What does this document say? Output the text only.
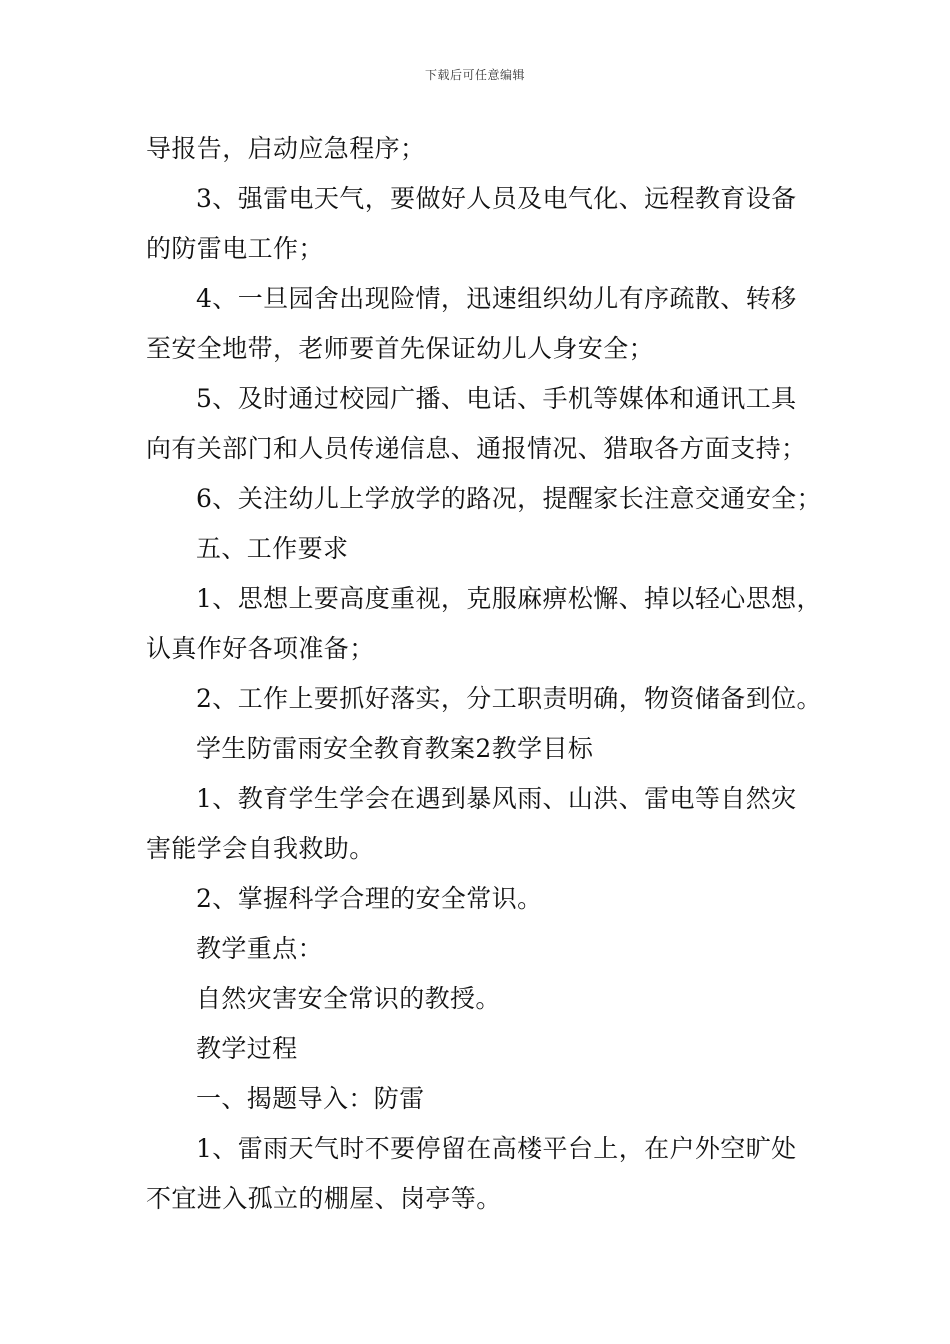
下载后可任意编辑
导报告，启动应急程序；
3、强雷电天气，要做好人员及电气化、远程教育设备
的防雷电工作；
4、一旦园舍出现险情，迅速组织幼儿有序疏散、转移
至安全地带，老师要首先保证幼儿人身安全；
5、及时通过校园广播、电话、手机等媒体和通讯工具
向有关部门和人员传递信息、通报情况、猎取各方面支持；
6、关注幼儿上学放学的路况，提醒家长注意交通安全；
五、工作要求
1、思想上要高度重视，克服麻痹松懈、掉以轻心思想，
认真作好各项准备；
2、工作上要抓好落实，分工职责明确，物资储备到位。
学生防雷雨安全教育教案2教学目标
1、教育学生学会在遇到暴风雨、山洪、雷电等自然灾
害能学会自我救助。
2、掌握科学合理的安全常识。
教学重点：
自然灾害安全常识的教授。
教学过程
一、揭题导入：防雷
1、雷雨天气时不要停留在高楼平台上，在户外空旷处
不宜进入孤立的棚屋、岗亭等。
